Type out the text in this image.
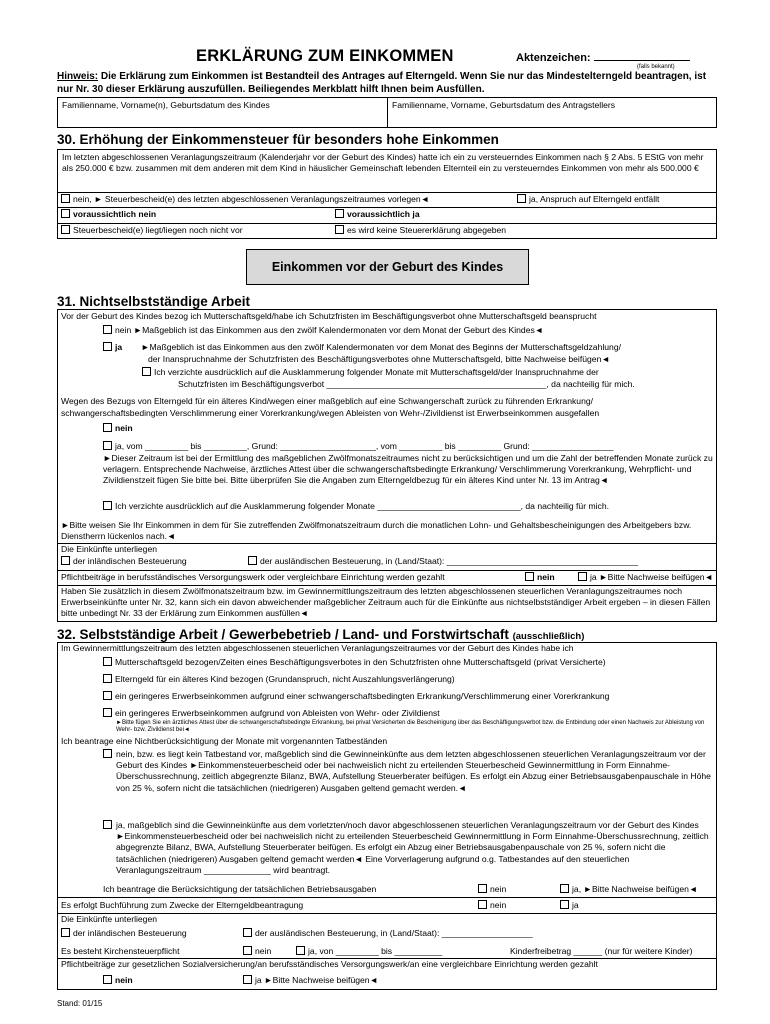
ERKLÄRUNG ZUM EINKOMMEN	Aktenzeichen:
(falls bekannt)
Hinweis: Die Erklärung zum Einkommen ist Bestandteil des Antrages auf Elterngeld. Wenn Sie nur das Mindestelterngeld beantragen, ist nur Nr. 30 dieser Erklärung auszufüllen. Beiliegendes Merkblatt hilft Ihnen beim Ausfüllen.
Familienname, Vorname(n), Geburtsdatum des Kindes	Familienname, Vorname, Geburtsdatum des Antragstellers
30. Erhöhung der Einkommensteuer für besonders hohe Einkommen

Im letzten abgeschlossenen Veranlagungszeitraum (Kalenderjahr vor der Geburt des Kindes) hatte ich ein zu versteuerndes Einkommen nach § 2 Abs. 5 EStG von mehr als 250.000 € bzw. zusammen mit dem anderen mit dem Kind in häuslicher Gemeinschaft lebenden Elternteil ein zu versteuerndes Einkommen von mehr als 500.000 €

nein, ► Steuerbescheid(e) des letzten abgeschlossenen Veranlagungszeitraumes vorlegen◄	ja, Anspruch auf Elterngeld entfällt
voraussichtlich nein	voraussichtlich ja
Steuerbescheid(e) liegt/liegen noch nicht vor	es wird keine Steuererklärung abgegeben
Einkommen vor der Geburt des Kindes
31. Nichtselbstständige Arbeit
Vor der Geburt des Kindes bezog ich Mutterschaftsgeld/habe ich Schutzfristen im Beschäftigungsverbot ohne Mutterschaftsgeld beansprucht
nein ►Maßgeblich ist das Einkommen aus den zwölf Kalendermonaten vor dem Monat der Geburt des Kindes◄
ja ►Maßgeblich ist das Einkommen aus den zwölf Kalendermonaten vor dem Monat des Beginns der Mutterschaftsgeldzahlung/
der Inanspruchnahme der Schutzfristen des Beschäftigungsverbotes ohne Mutterschaftsgeld, bitte Nachweise beifügen◄
Ich verzichte ausdrücklich auf die Ausklammerung folgender Monate mit Mutterschaftsgeld/der Inanspruchnahme der
Schutzfristen im Beschäftigungsverbot ______________________________________________, da nachteilig für mich.
Wegen des Bezugs von Elterngeld für ein älteres Kind/wegen einer maßgeblich auf eine Schwangerschaft zurück zu führenden Erkrankung/
schwangerschaftsbedingten Verschlimmerung einer Vorerkrankung/wegen Ableisten von Wehr-/Zivildienst ist Erwerbseinkommen ausgefallen
nein
ja, vom _________ bis _________, Grund: ____________________, vom _________ bis _________ Grund: _________________
►Dieser Zeitraum ist bei der Ermittlung des maßgeblichen Zwölfmonatszeitraumes nicht zu berücksichtigen und um die Zahl der betreffenden Monate zurück zu verlagern. Entsprechende Nachweise, ärztliches Attest über die schwangerschaftsbedingte Erkrankung/ Verschlimmerung Vorerkrankung, Wehrpflicht- und Zivildienstzeit fügen Sie bitte bei. Bitte überprüfen Sie die Angaben zum Elterngeldbezug für ein älteres Kind unter Nr. 13 im Antrag◄
Ich verzichte ausdrücklich auf die Ausklammerung folgender Monate ______________________________, da nachteilig für mich.
►Bitte weisen Sie Ihr Einkommen in dem für Sie zutreffenden Zwölfmonatszeitraum durch die monatlichen Lohn- und Gehaltsbescheinigungen des Arbeitgebers bzw. Dienstherrn lückenlos nach.◄
Die Einkünfte unterliegen
der inländischen Besteuerung	der ausländischen Besteuerung, in (Land/Staat): ________________________________________
Pflichtbeiträge in berufsständisches Versorgungswerk oder vergleichbare Einrichtung werden gezahlt	nein	ja ►Bitte Nachweise beifügen◄
Haben Sie zusätzlich in diesem Zwölfmonatszeitraum bzw. im Gewinnermittlungszeitraum des letzten abgeschlossenen steuerlichen Veranlagungszeitraumes noch Erwerbseinkünfte unter Nr. 32, kann sich ein davon abweichender maßgeblicher Zeitraum auch für die Einkünfte aus nichtselbstständiger Arbeit ergeben – in diesen Fällen bitte unbedingt Nr. 33 der Erklärung zum Einkommen ausfüllen◄
32. Selbstständige Arbeit / Gewerbebetrieb / Land- und Forstwirtschaft (ausschließlich)
Im Gewinnermittlungszeitraum des letzten abgeschlossenen steuerlichen Veranlagungszeitraumes vor der Geburt des Kindes habe ich
Mutterschaftsgeld bezogen/Zeiten eines Beschäftigungsverbotes in den Schutzfristen ohne Mutterschaftsgeld (privat Versicherte)
Elterngeld für ein älteres Kind bezogen (Grundanspruch, nicht Auszahlungsverlängerung)
ein geringeres Erwerbseinkommen aufgrund einer schwangerschaftsbedingten Erkrankung/Verschlimmerung einer Vorerkrankung
ein geringeres Erwerbseinkommen aufgrund von Ableisten von Wehr- oder Zivildienst
►Bitte fügen Sie ein ärztliches Attest über die schwangerschaftsbedingte Erkrankung, bei privat Versicherten die Bescheinigung über das Beschäftigungsverbot bzw. die Entbindung oder einen Nachweis zur Ableistung von Wehr- bzw. Zivildienst bei◄
Ich beantrage eine Nichtberücksichtigung der Monate mit vorgenannten Tatbeständen
nein, bzw. es liegt kein Tatbestand vor, maßgeblich sind die Gewinneinkünfte aus dem letzten abgeschlossenen steuerlichen Veranlagungszeitraum vor der Geburt des Kindes ►Einkommensteuerbescheid oder bei nachweislich nicht zu erteilenden Steuerbescheid Gewinnermittlung in Form Einnahme-Überschussrechnung, zeitlich abgegrenzte Bilanz, BWA, Aufstellung Steuerberater beifügen. Es erfolgt ein Abzug einer Betriebsausgabenpauschale in Höhe von 25 %, sofern nicht die tatsächlichen (niedrigeren) Ausgaben geltend gemacht werden.◄
ja, maßgeblich sind die Gewinneinkünfte aus dem vorletzten/noch davor abgeschlossenen steuerlichen Veranlagungszeitraum vor der Geburt des Kindes ►Einkommensteuerbescheid oder bei nachweislich nicht zu erteilenden Steuerbescheid Gewinnermittlung in Form Einnahme-Überschussrechnung, zeitlich abgegrenzte Bilanz, BWA, Aufstellung Steuerberater beifügen. Es erfolgt ein Abzug einer Betriebsausgabenpauschale von 25 %, sofern nicht die tatsächlichen (niedrigeren) Ausgaben geltend gemacht werden◄ Eine Vorverlagerung aufgrund o.g. Tatbestandes auf den steuerlichen Veranlagungszeitraum ______________ wird beantragt.
Ich beantrage die Berücksichtigung der tatsächlichen Betriebsausgaben	nein	ja, ►Bitte Nachweise beifügen◄
Es erfolgt Buchführung zum Zwecke der Elterngeldbeantragung	nein	ja
Die Einkünfte unterliegen
der inländischen Besteuerung	der ausländischen Besteuerung, in (Land/Staat): ___________________
Es besteht Kirchensteuerpflicht	nein	ja, von _________ bis __________	Kinderfreibetrag ______ (nur für weitere Kinder)
Pflichtbeiträge zur gesetzlichen Sozialversicherung/an berufsständisches Versorgungswerk/an eine vergleichbare Einrichtung werden gezahlt
nein	ja ►Bitte Nachweise beifügen◄
Stand: 01/15
